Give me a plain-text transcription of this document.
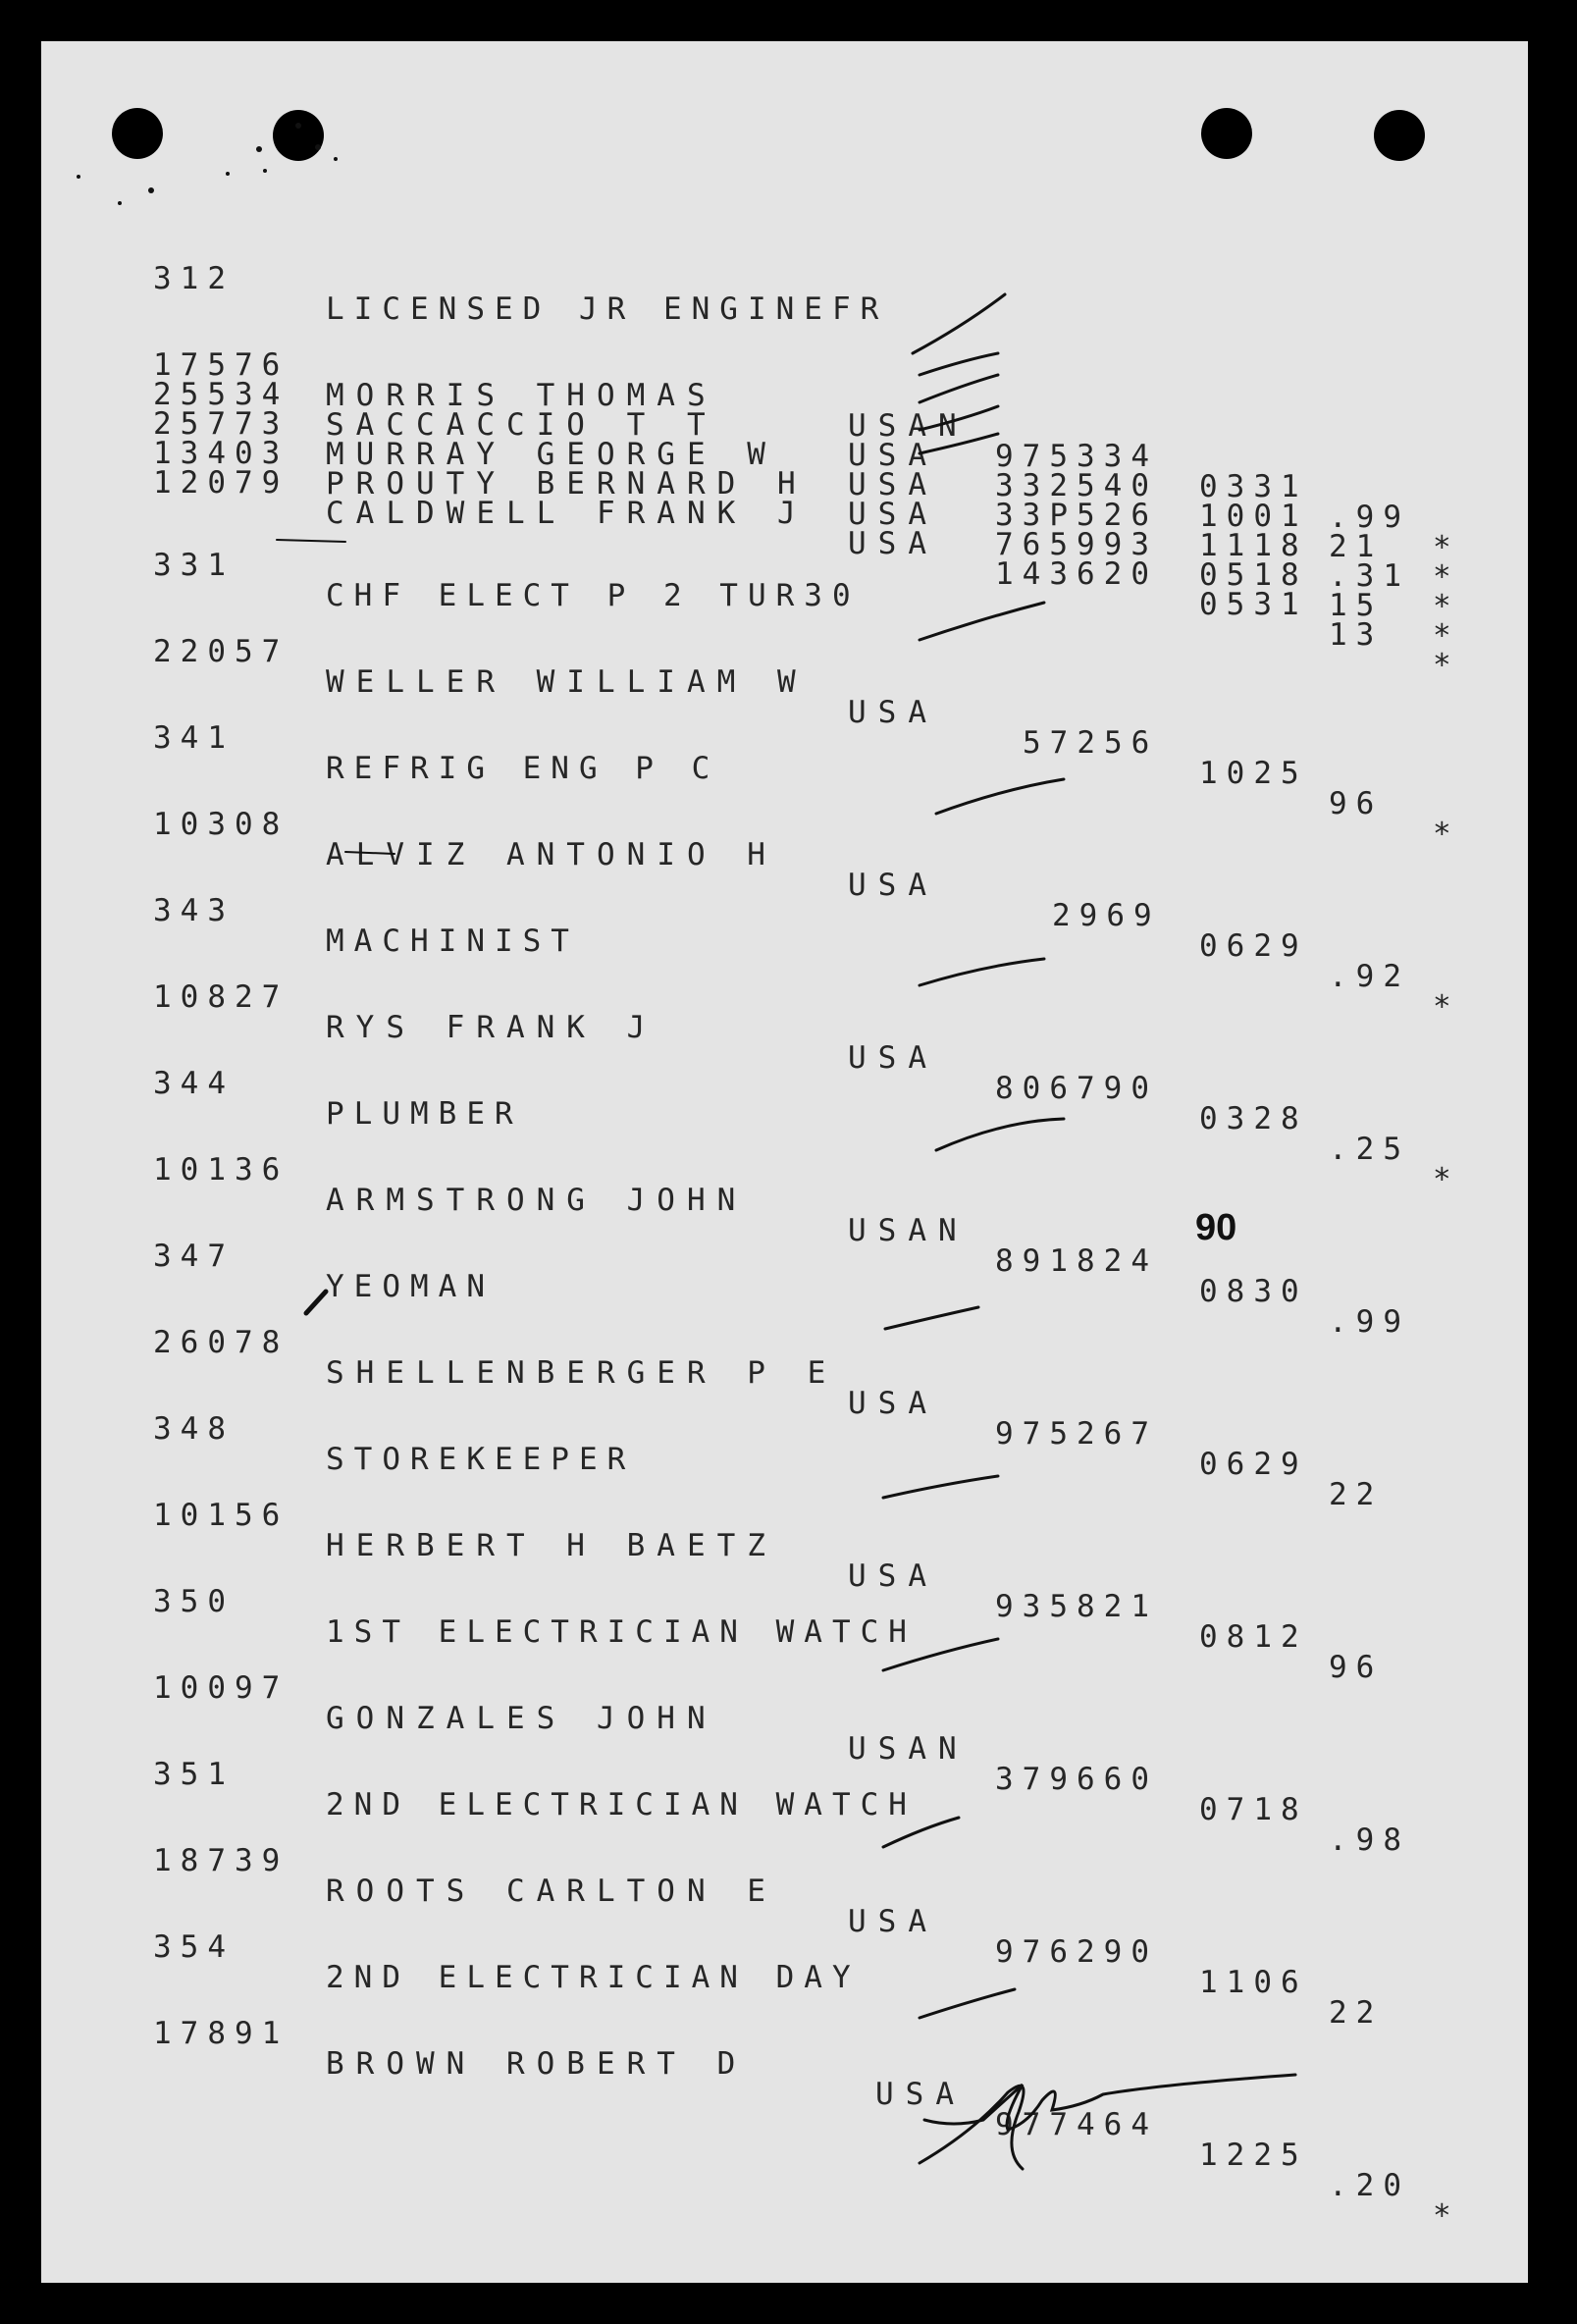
312

LICENSED JR ENGINEFR

17576

MORRIS THOMAS

USAN

975334

0331

.99

*

25534

SACCACCIO T T

USA

332540

1001

21

*

25773

MURRAY GEORGE W

USA

33P526

1118

.31

*

13403

PROUTY BERNARD H

USA

765993

0518

15

*

12079

CALDWELL FRANK J

USA

143620

0531

13

*

331

CHF ELECT P 2 TUR30

22057

WELLER WILLIAM W

USA

57256

1025

96

*

341

REFRIG ENG P C

10308

ALVIZ ANTONIO H

USA

2969

0629

.92

*

343

MACHINIST

10827

RYS FRANK J

USA

806790

0328

.25

*

344

PLUMBER

10136

ARMSTRONG JOHN

USAN

891824

0830

.99

347

YEOMAN

26078

SHELLENBERGER P E

USA

975267

0629

22

348

STOREKEEPER

10156

HERBERT H BAETZ

USA

935821

0812

96

350

1ST ELECTRICIAN WATCH

10097

GONZALES JOHN

USAN

379660

0718

.98

351

2ND ELECTRICIAN WATCH

18739

ROOTS CARLTON E

USA

976290

1106

22

354

2ND ELECTRICIAN DAY

17891

BROWN ROBERT D

USA

977464

1225

.20

*

90
